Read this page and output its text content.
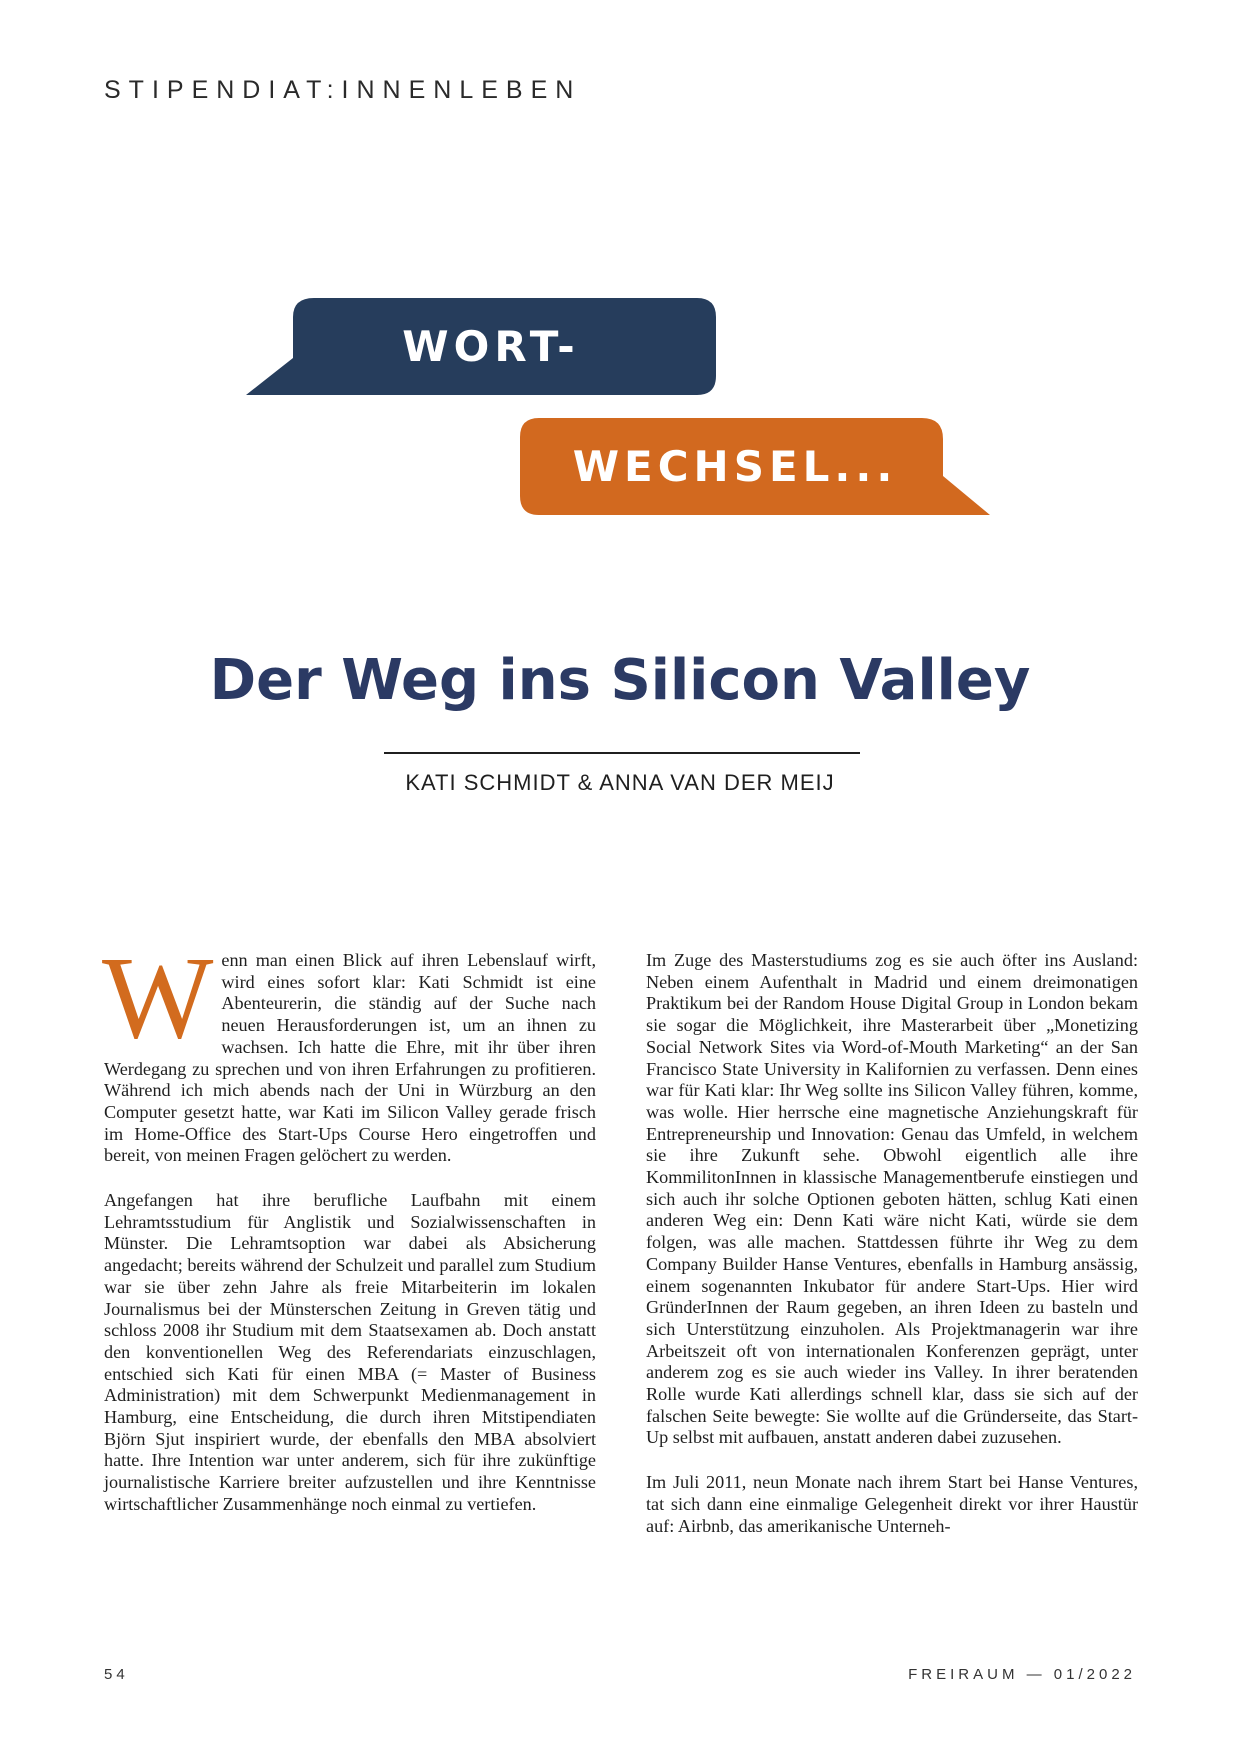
STIPENDIAT:INNENLEBEN
WORT-
WECHSEL...
Der Weg ins Silicon Valley
KATI SCHMIDT & ANNA VAN DER MEIJ

Wenn man einen Blick auf ihren Lebenslauf wirft, wird eines sofort klar: Kati Schmidt ist eine Abenteurerin, die ständig auf der Suche nach neuen Herausforderungen ist, um an ihnen zu wachsen. Ich hatte die Ehre, mit ihr über ihren Werdegang zu sprechen und von ihren Erfahrungen zu profitieren. Während ich mich abends nach der Uni in Würzburg an den Computer gesetzt hatte, war Kati im Silicon Valley gerade frisch im Home-Office des Start-Ups Course Hero eingetroffen und bereit, von meinen Fragen gelöchert zu werden.

Angefangen hat ihre berufliche Laufbahn mit einem Lehramtsstudium für Anglistik und Sozialwissenschaften in Münster. Die Lehramtsoption war dabei als Absicherung angedacht; bereits während der Schulzeit und parallel zum Studium war sie über zehn Jahre als freie Mitarbeiterin im lokalen Journalismus bei der Münsterschen Zeitung in Greven tätig und schloss 2008 ihr Studium mit dem Staatsexamen ab. Doch anstatt den konventionellen Weg des Referendariats einzuschlagen, entschied sich Kati für einen MBA (= Master of Business Administration) mit dem Schwerpunkt Medienmanagement in Hamburg, eine Entscheidung, die durch ihren Mitstipendiaten Björn Sjut inspiriert wurde, der ebenfalls den MBA absolviert hatte. Ihre Intention war unter anderem, sich für ihre zukünftige journalistische Karriere breiter aufzustellen und ihre Kenntnisse wirtschaftlicher Zusammenhänge noch einmal zu vertiefen.

Im Zuge des Masterstudiums zog es sie auch öfter ins Ausland: Neben einem Aufenthalt in Madrid und einem dreimonatigen Praktikum bei der Random House Digital Group in London bekam sie sogar die Möglichkeit, ihre Masterarbeit über „Monetizing Social Network Sites via Word-of-Mouth Marketing“ an der San Francisco State University in Kalifornien zu verfassen. Denn eines war für Kati klar: Ihr Weg sollte ins Silicon Valley führen, komme, was wolle. Hier herrsche eine magnetische Anziehungskraft für Entrepreneurship und Innovation: Genau das Umfeld, in welchem sie ihre Zukunft sehe. Obwohl eigentlich alle ihre KommilitonInnen in klassische Managementberufe einstiegen und sich auch ihr solche Optionen geboten hätten, schlug Kati einen anderen Weg ein: Denn Kati wäre nicht Kati, würde sie dem folgen, was alle machen. Stattdessen führte ihr Weg zu dem Company Builder Hanse Ventures, ebenfalls in Hamburg ansässig, einem sogenannten Inkubator für andere Start-Ups. Hier wird GründerInnen der Raum gegeben, an ihren Ideen zu basteln und sich Unterstützung einzuholen. Als Projektmanagerin war ihre Arbeitszeit oft von internationalen Konferenzen geprägt, unter anderem zog es sie auch wieder ins Valley. In ihrer beratenden Rolle wurde Kati allerdings schnell klar, dass sie sich auf der falschen Seite bewegte: Sie wollte auf die Gründerseite, das Start-Up selbst mit aufbauen, anstatt anderen dabei zuzusehen.

Im Juli 2011, neun Monate nach ihrem Start bei Hanse Ventures, tat sich dann eine einmalige Gelegenheit direkt vor ihrer Haustür auf: Airbnb, das amerikanische Unterneh-

54	FREIRAUM — 01/2022
